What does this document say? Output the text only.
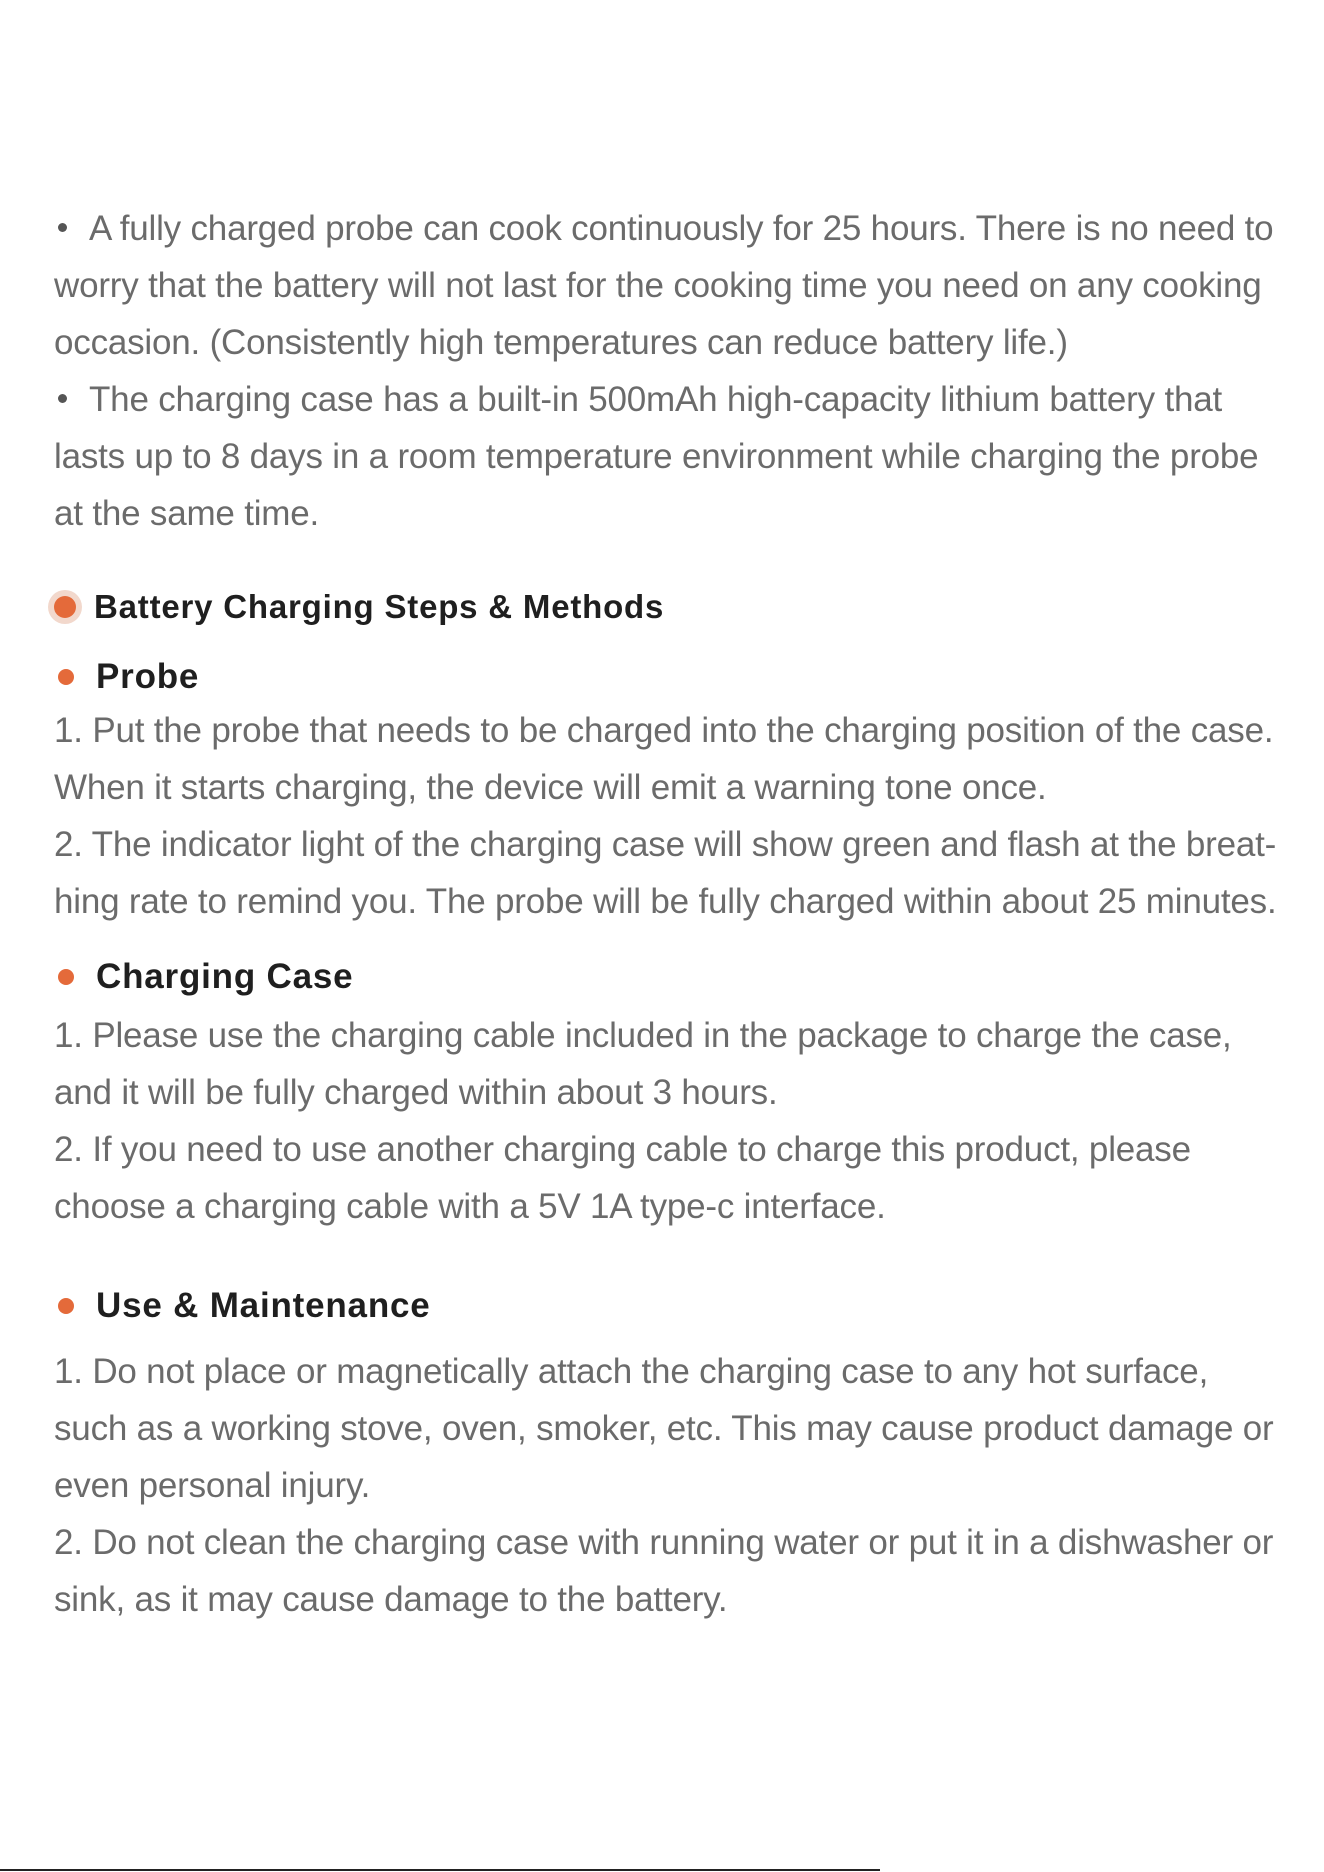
A fully charged probe can cook continuously for 25 hours. There is no need to worry that the battery will not last for the cooking time you need on any cooking occasion. (Consistently high temperatures can reduce battery life.)

The charging case has a built-in 500mAh high-capacity lithium battery that lasts up to 8 days in a room temperature environment while charging the probe at the same time.

Battery Charging Steps & Methods
Probe

1. Put the probe that needs to be charged into the charging position of the case. When it starts charging, the device will emit a warning tone once.

2. The indicator light of the charging case will show green and flash at the breat-hing rate to remind you. The probe will be fully charged within about 25 minutes.

Charging Case

1. Please use the charging cable included in the package to charge the case, and it will be fully charged within about 3 hours.

2. If you need to use another charging cable to charge this product, please choose a charging cable with a 5V 1A type-c interface.

Use & Maintenance

1. Do not place or magnetically attach the charging case to any hot surface, such as a working stove, oven, smoker, etc. This may cause product damage or even personal injury.

2. Do not clean the charging case with running water or put it in a dishwasher or sink, as it may cause damage to the battery.
